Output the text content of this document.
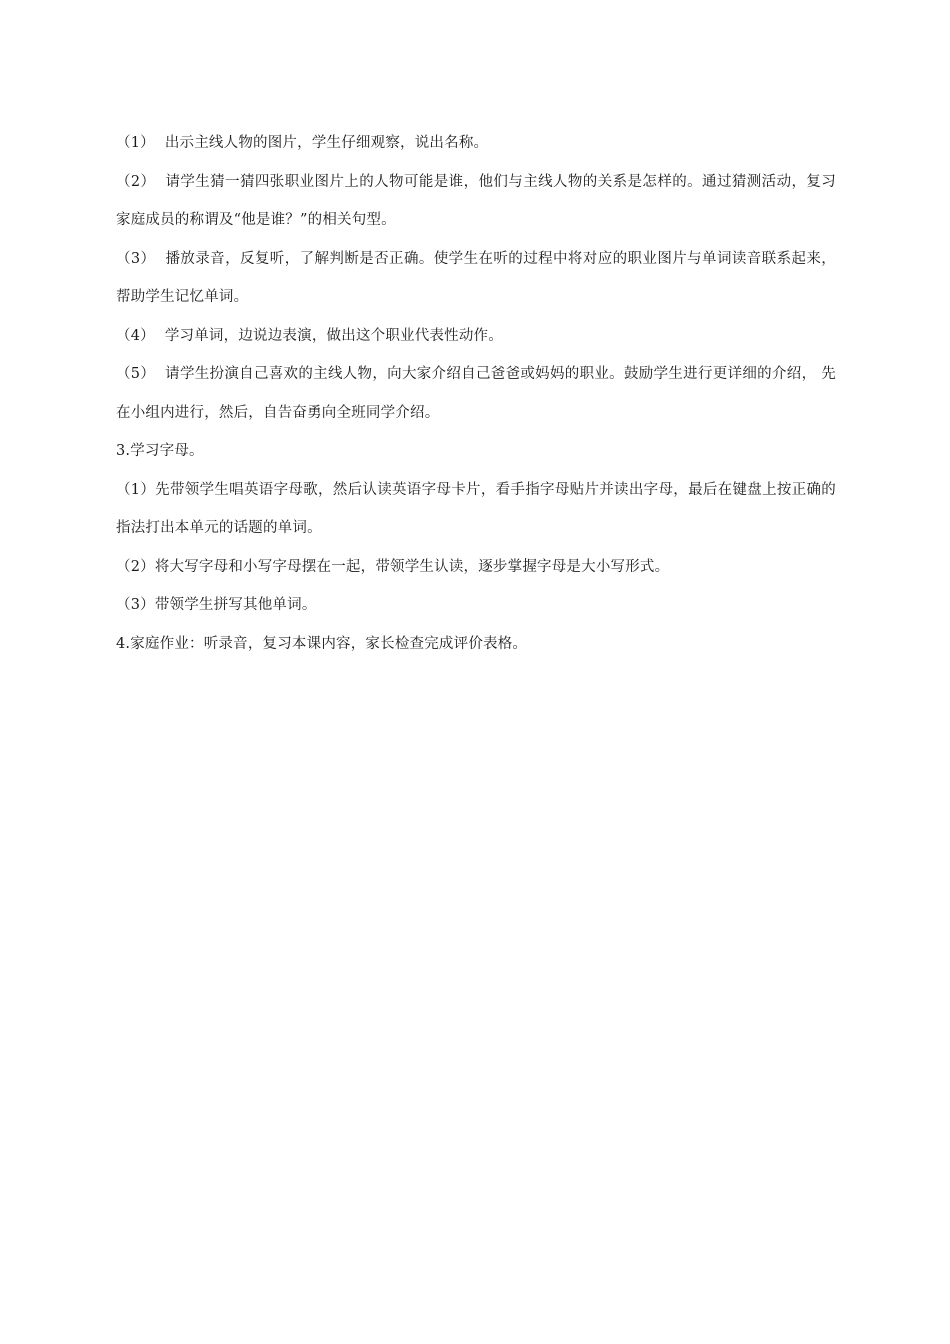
（1） 出示主线人物的图片，学生仔细观察，说出名称。

（2） 请学生猜一猜四张职业图片上的人物可能是谁，他们与主线人物的关系是怎样的。通过猜测活动，复习家庭成员的称谓及“他是谁？”的相关句型。

（3） 播放录音，反复听，了解判断是否正确。使学生在听的过程中将对应的职业图片与单词读音联系起来，帮助学生记忆单词。

（4） 学习单词，边说边表演，做出这个职业代表性动作。

（5） 请学生扮演自己喜欢的主线人物，向大家介绍自己爸爸或妈妈的职业。鼓励学生进行更详细的介绍， 先在小组内进行，然后，自告奋勇向全班同学介绍。

3.学习字母。

（1）先带领学生唱英语字母歌，然后认读英语字母卡片，看手指字母贴片并读出字母，最后在键盘上按正确的指法打出本单元的话题的单词。

（2）将大写字母和小写字母摆在一起，带领学生认读，逐步掌握字母是大小写形式。

（3）带领学生拼写其他单词。

4.家庭作业：听录音，复习本课内容，家长检查完成评价表格。
